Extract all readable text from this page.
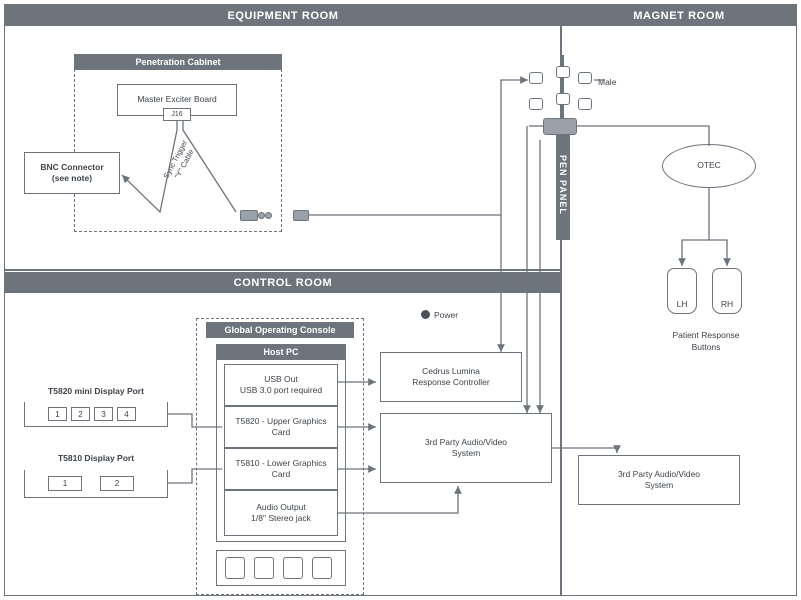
EQUIPMENT ROOM	MAGNET ROOM
CONTROL ROOM
Penetration Cabinet
Master Exciter Board
J16
BNC Connector
(see note)	Sync Trigger
"Y" Cable	PEN PANEL
Male
OTEC
LH	RH
Patient Response
Buttons
3rd Party Audio/Video
System
Global Operating Console
Host PC
USB Out
USB 3.0 port required
T5820 - Upper Graphics
Card
T5810 - Lower Graphics
Card
Audio Output
1/8" Stereo jack
T5820 mini Display Port
1	2	3	4
T5810 Display Port
1	2
Power
Cedrus Lumina
Response Controller
3rd Party Audio/Video
System
